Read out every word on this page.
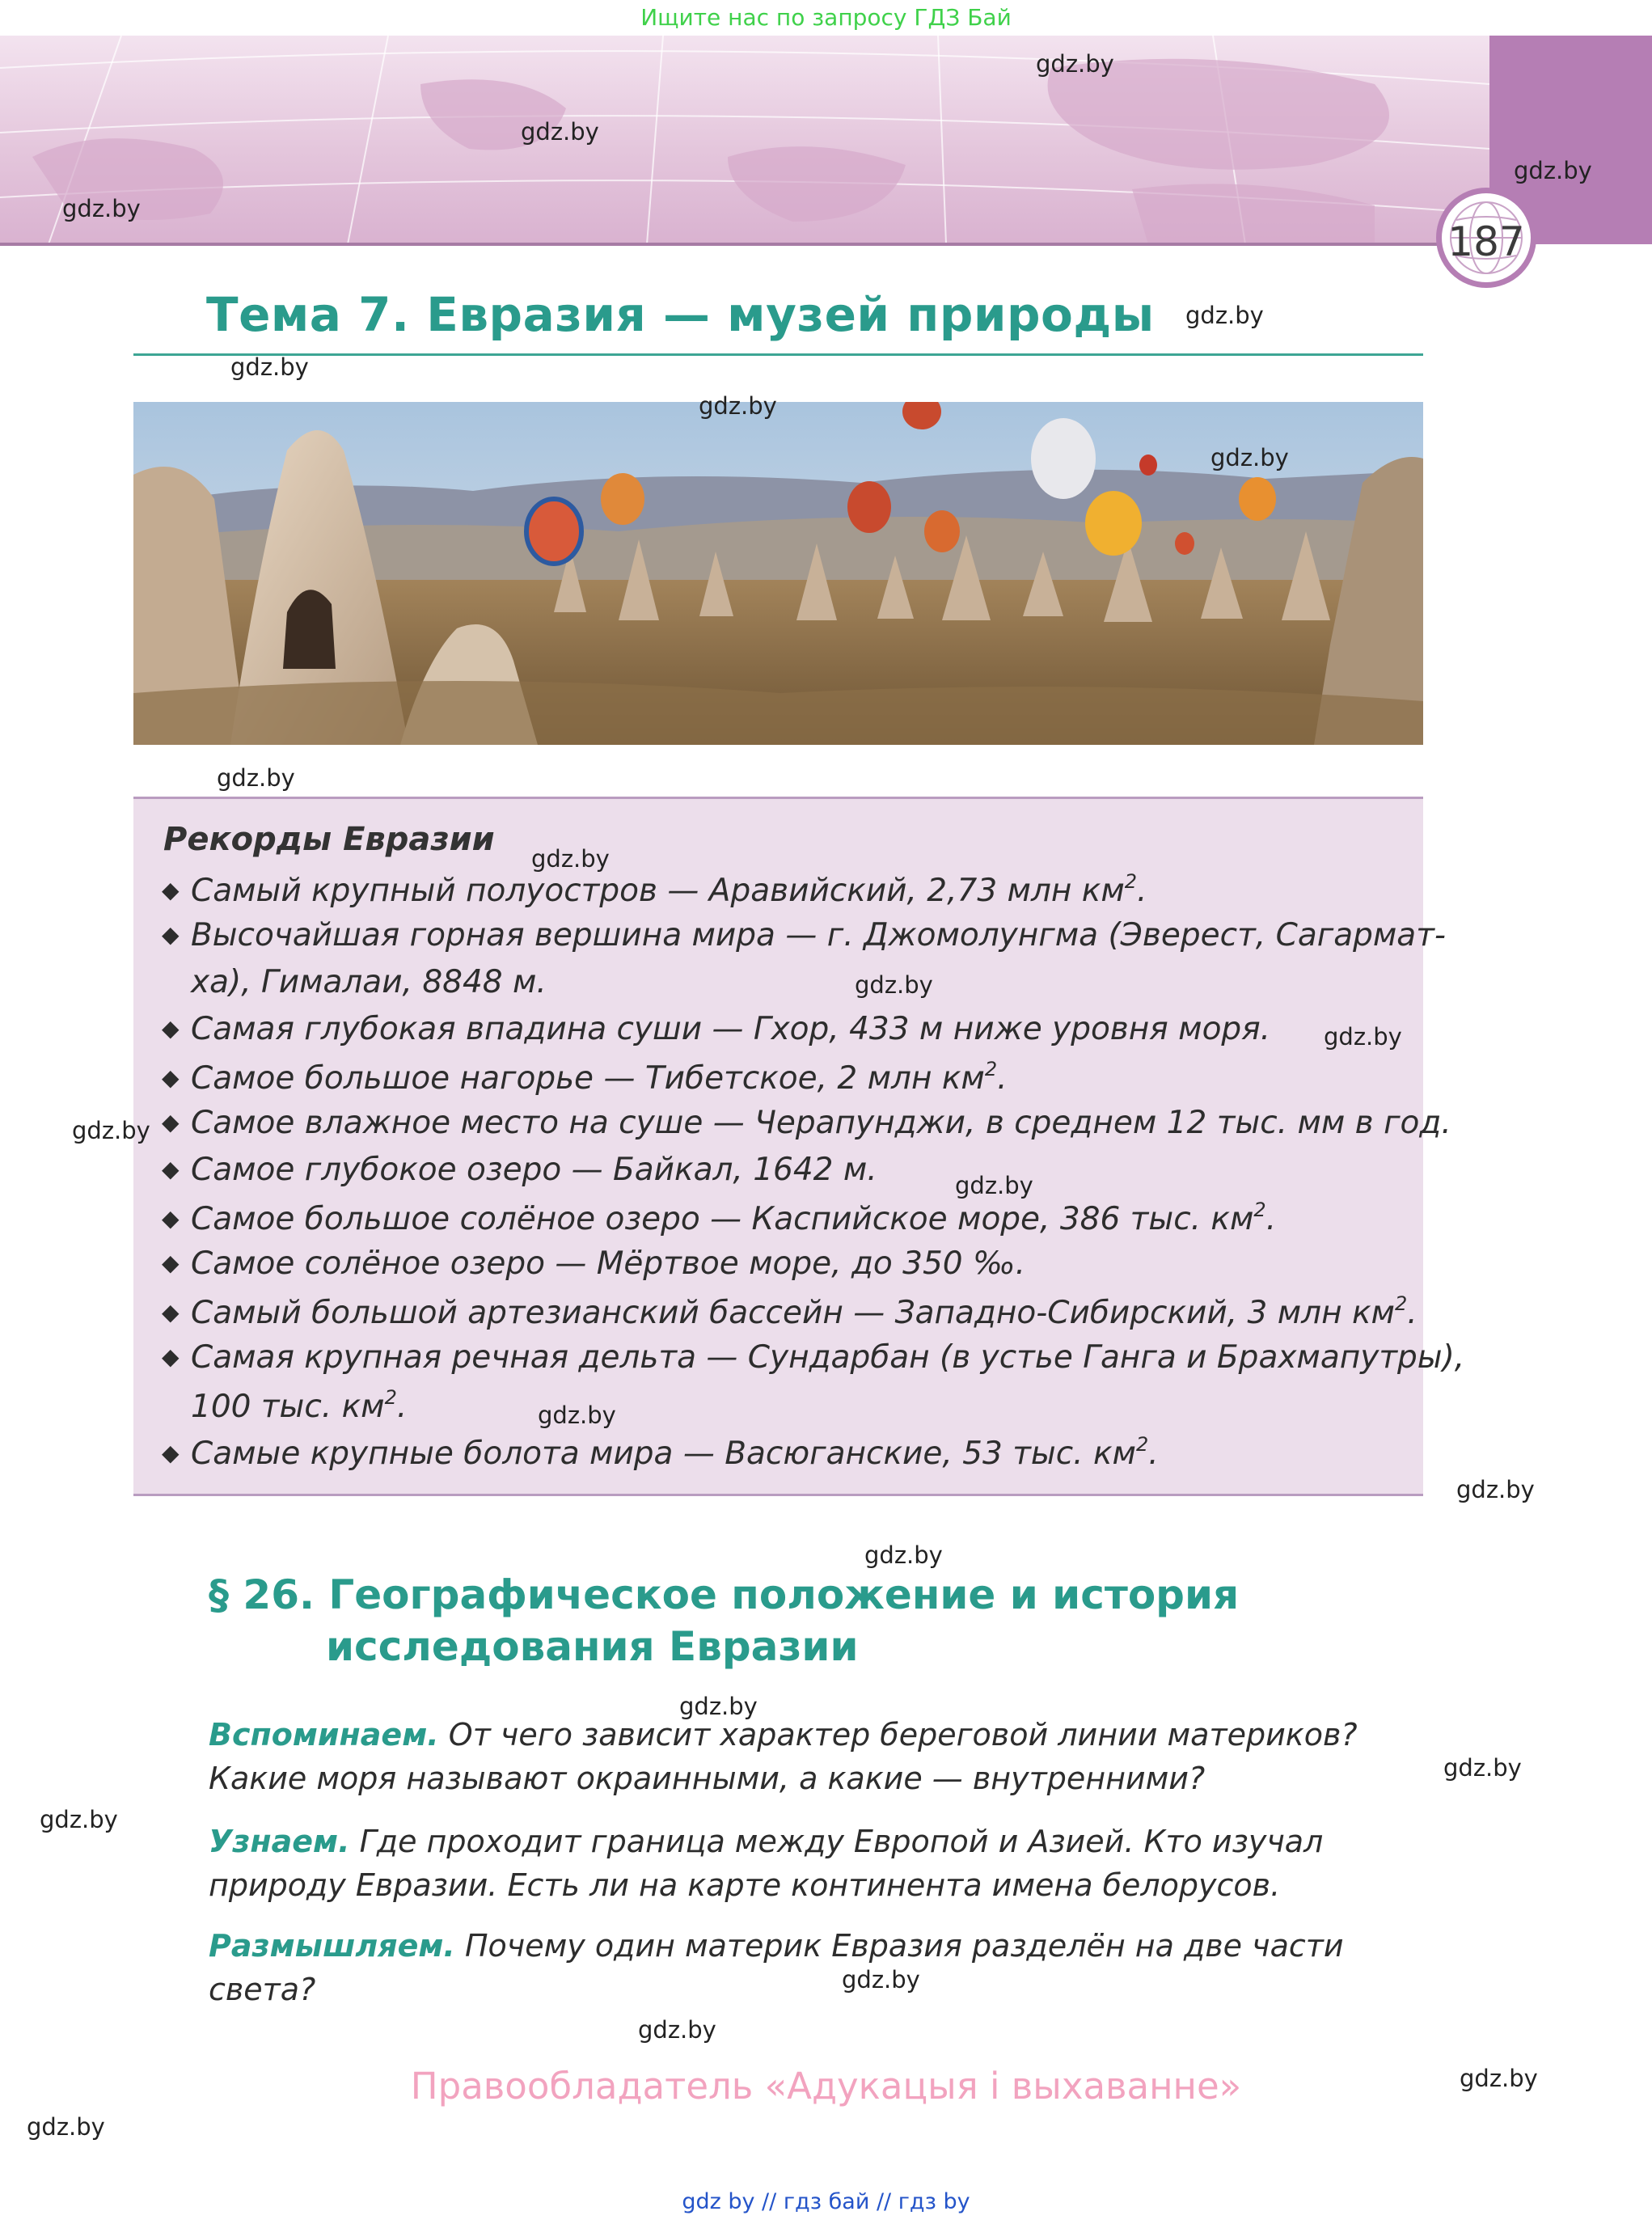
Ищите нас по запросу ГДЗ Бай
187
gdz.by
gdz.by
gdz.by
gdz.by
gdz.by
gdz.by
gdz.by
gdz.by
gdz.by
gdz.by
gdz.by
gdz.by
gdz.by
gdz.by
gdz.by
gdz.by
gdz.by
gdz.by
gdz.by
gdz.by
gdz.by
gdz.by
gdz.by
gdz.by
Тема 7. Евразия — музей природы
Рекорды Евразии
◆ Самый крупный полуостров — Аравийский, 2,73 млн $км^2$.
◆ Высочайшая горная вершина мира — г. Джомолунгма (Эверест, Сагармат-
ха), Гималаи, 8848 м.
◆ Самая глубокая впадина суши — Гхор, 433 м ниже уровня моря.
◆ Самое большое нагорье — Тибетское, 2 млн $км^2$.
◆ Самое влажное место на суше — Черапунджи, в среднем 12 тыс. мм в год.
◆ Самое глубокое озеро — Байкал, 1642 м.
◆ Самое большое солёное озеро — Каспийское море, 386 тыс. $км^2$.
◆ Самое солёное озеро — Мёртвое море, до 350 ‰.
◆ Самый большой артезианский бассейн — Западно-Сибирский, 3 млн $км^2$.
◆ Самая крупная речная дельта — Сундарбан (в устье Ганга и Брахмапутры),
100 тыс. $км^2$.
◆ Самые крупные болота мира — Васюганские, 53 тыс. $км^2$.
§ 26. Географическое положение и история
исследования Евразии
Вспоминаем. От чего зависит характер береговой линии материков? Какие моря называют окраинными, а какие — внутренними?
Узнаем. Где проходит граница между Европой и Азией. Кто изучал природу Евразии. Есть ли на карте континента имена белорусов.
Размышляем. Почему один материк Евразия разделён на две части света?
Правообладатель «Адукацыя і выхаванне»
gdz by // гдз бай // гдз by
